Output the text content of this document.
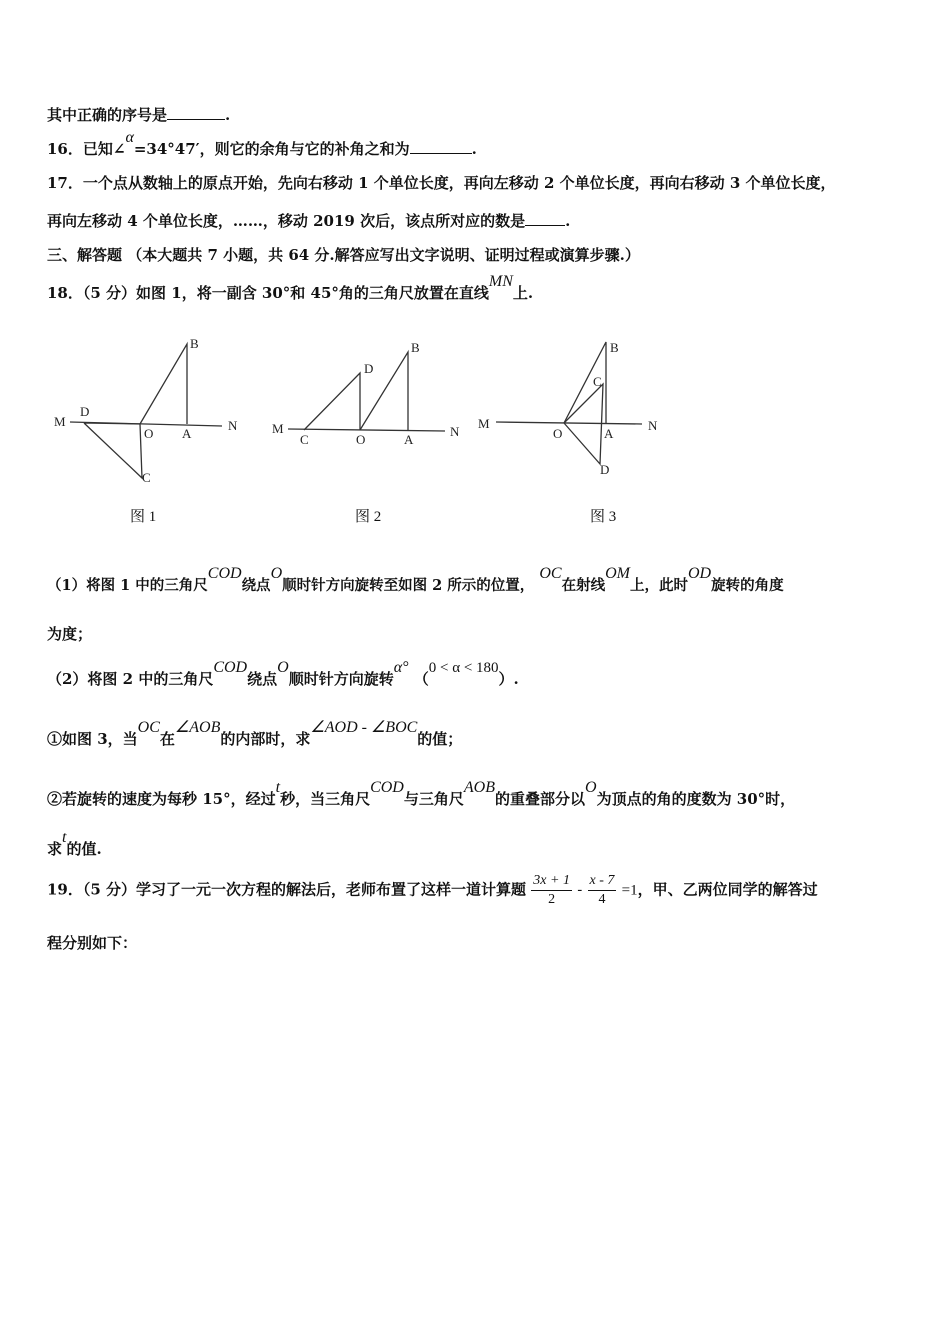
其中正确的序号是	.
16．已知∠α=34°47′，则它的余角与它的补角之和为	.
17．一个点从数轴上的原点开始，先向右移动 1 个单位长度，再向左移动 2 个单位长度，再向右移动 3 个单位长度，
再向左移动 4 个单位长度，……，移动 2019 次后，该点所对应的数是	.
三、解答题 （本大题共 7 小题，共 64 分.解答应写出文字说明、证明过程或演算步骤.）
18．（5 分）如图 1，将一副含 30°和 45°角的三角尺放置在直线MN上.
M
D
O A
N
B
C
M
C	O	A
N
D
B
M
O	A
N
B
C
D
图 1	图 2	图 3
（1）将图 1 中的三角尺COD绕点O顺时针方向旋转至如图 2 所示的位置， OC在射线OM上，此时OD旋转的角度
为度；
（2）将图 2 中的三角尺COD绕点O顺时针方向旋转α° （0 < α < 180）.
①如图 3，当OC在∠AOB的内部时，求∠AOD - ∠BOC的值；
②若旋转的速度为每秒 15°，经过t秒，当三角尺COD与三角尺AOB的重叠部分以O为顶点的角的度数为 30°时，
求t的值.
19．（5 分）学习了一元一次方程的解法后，老师布置了这样一道计算题 $\frac{3x + 1}{2} - \frac{x - 7}{4} =1$，甲、乙两位同学的解答过
程分别如下：
